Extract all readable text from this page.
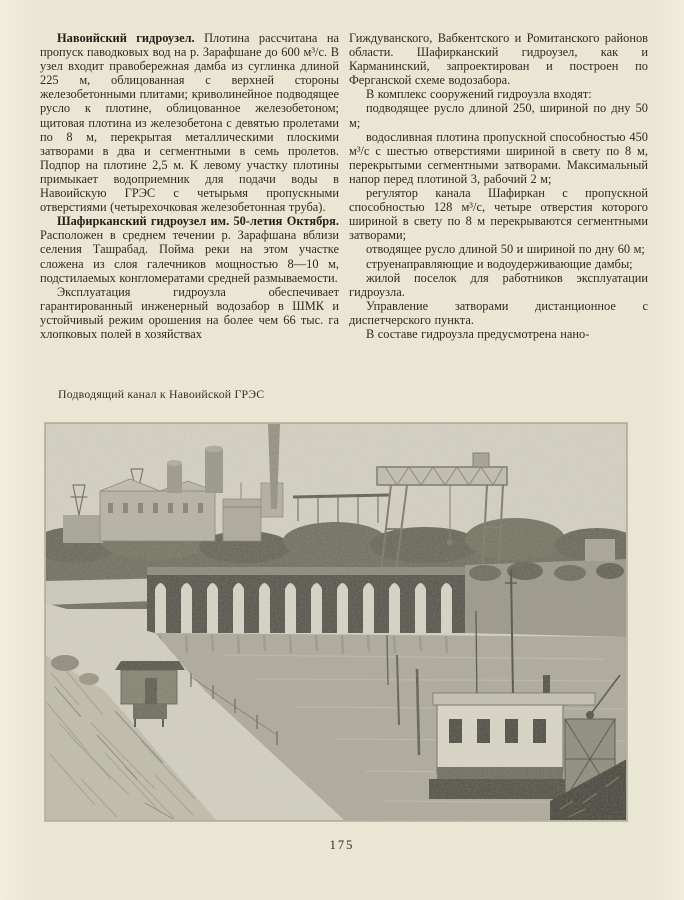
Навоийский гидроузел. Плотина рассчитана на пропуск паводковых вод на р. Зарафшане до 600 м³/с. В узел входит правобережная дамба из суглинка длиной 225 м, облицованная с верхней стороны железобетонными плитами; криволинейное подводящее русло к плотине, облицованное железобетоном; щитовая плотина из железобетона с девятью пролетами по 8 м, перекрытая металлическими плоскими затворами в два и сегментными в семь пролетов. Подпор на плотине 2,5 м. К левому участку плотины примыкает водоприемник для подачи воды в Навоийскую ГРЭС с четырьмя пропускными отверстиями (четырехочковая железобетонная труба).

Шафирканский гидроузел им. 50-летия Октября. Расположен в среднем течении р. Зарафшана вблизи селения Ташрабад. Пойма реки на этом участке сложена из слоя галечников мощностью 8—10 м, подстилаемых конгломератами средней размываемости.

Эксплуатация гидроузла обеспечивает гарантированный инженерный водозабор в ШМК и устойчивый режим орошения на более чем 66 тыс. га хлопковых полей в хозяйствах

Гиждуванского, Вабкентского и Ромитанского районов области. Шафирканский гидроузел, как и Карманинский, запроектирован и построен по Ферганской схеме водозабора.

В комплекс сооружений гидроузла входят:

подводящее русло длиной 250, шириной по дну 50 м;

водосливная плотина пропускной способностью 450 м³/с с шестью отверстиями шириной в свету по 8 м, перекрытыми сегментными затворами. Максимальный напор перед плотиной 3, рабочий 2 м;

регулятор канала Шафиркан с пропускной способностью 128 м³/с, четыре отверстия которого шириной в свету по 8 м перекрываются сегментными затворами;

отводящее русло длиной 50 и шириной по дну 60 м;

струенаправляющие и водоудерживающие дамбы;

жилой поселок для работников эксплуатации гидроузла.

Управление затворами дистанционное с диспетчерского пункта.

В составе гидроузла предусмотрена нано-

Подводящий канал к Навоийской ГРЭС
175
